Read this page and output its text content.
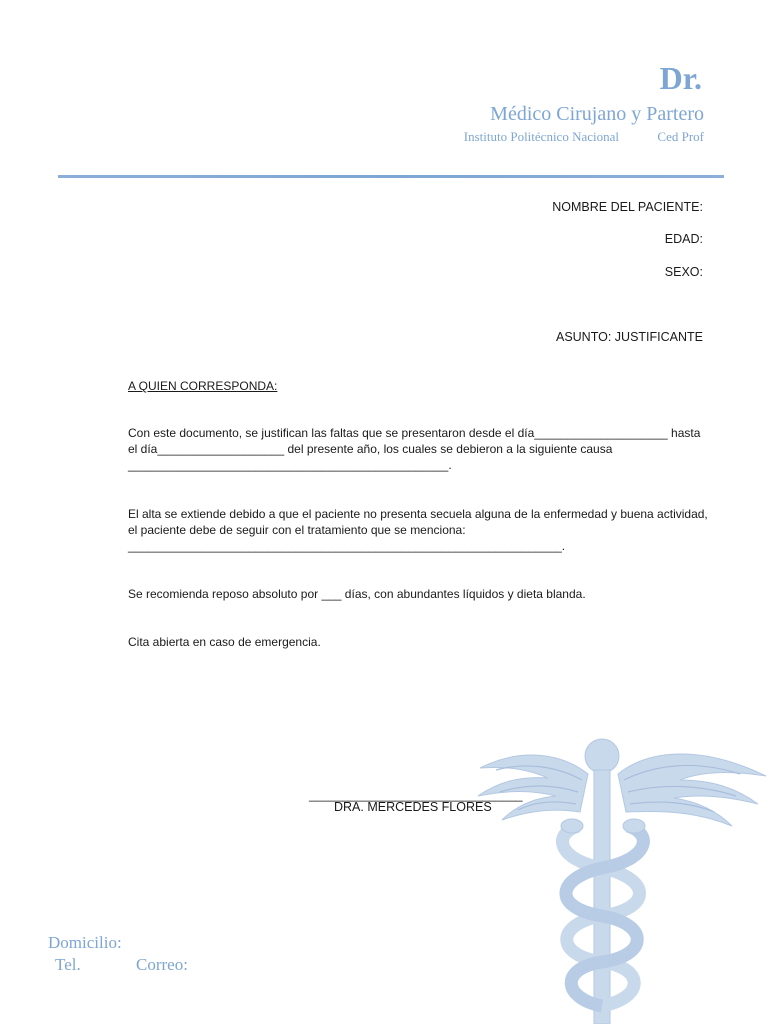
Dr.
Médico Cirujano y Partero
Instituto Politécnico Nacional	Ced Prof
NOMBRE DEL PACIENTE:
EDAD:
SEXO:
ASUNTO: JUSTIFICANTE
A QUIEN CORRESPONDA:
Con este documento, se justifican las faltas que se presentaron desde el día____________________ hasta el día___________________ del presente año, los cuales se debieron a la siguiente causa ________________________________________________.
El alta se extiende debido a que el paciente no presenta secuela alguna de la enfermedad y buena actividad, el paciente debe de seguir con el tratamiento que se menciona: _________________________________________________________________.
Se recomienda reposo absoluto por ___ días, con abundantes líquidos y dieta blanda.
Cita abierta en caso de emergencia.
________________________________
DRA. MERCEDES FLORES
Domicilio:
Tel.	Correo:
